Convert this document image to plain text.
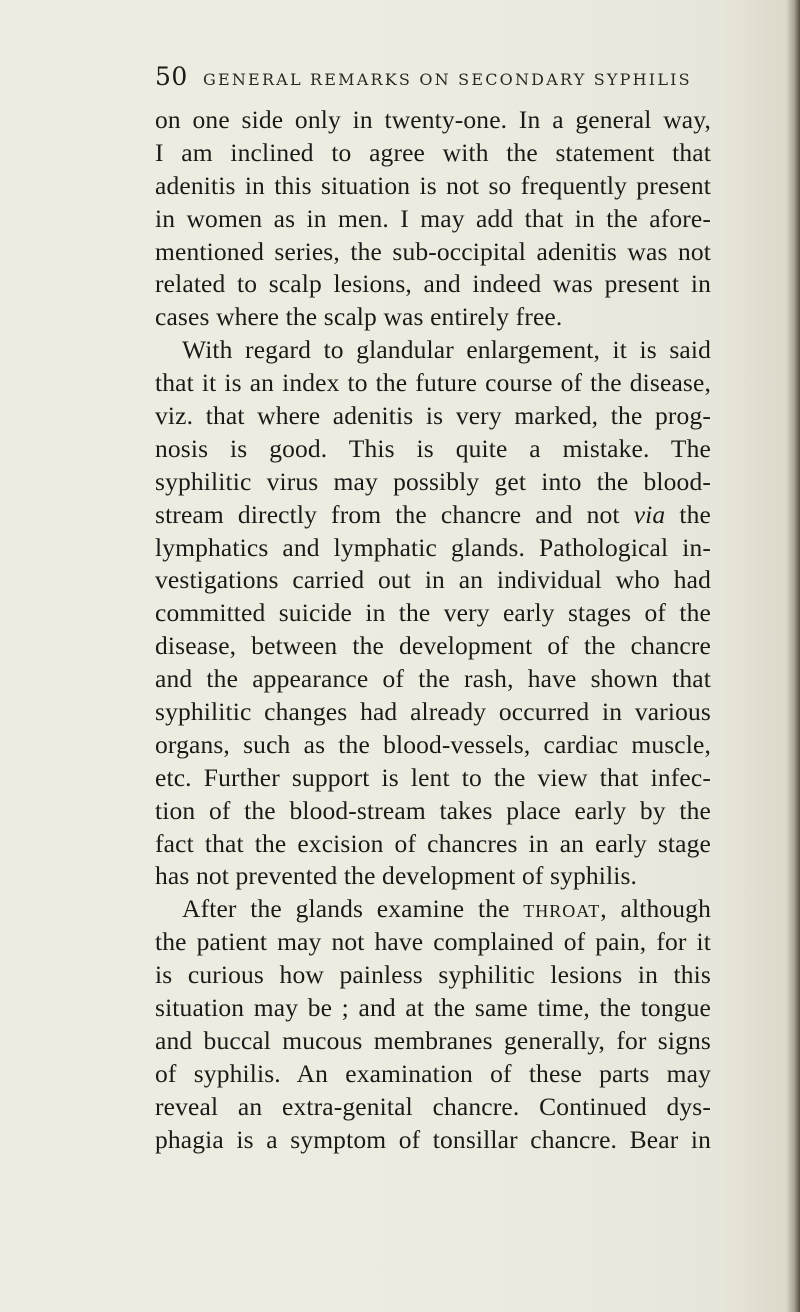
50 GENERAL REMARKS ON SECONDARY SYPHILIS
on one side only in twenty-one. In a general way,
I am inclined to agree with the statement that
adenitis in this situation is not so frequently present
in women as in men. I may add that in the afore-
mentioned series, the sub-occipital adenitis was not
related to scalp lesions, and indeed was present in
cases where the scalp was entirely free.
With regard to glandular enlargement, it is said
that it is an index to the future course of the disease,
viz. that where adenitis is very marked, the prog-
nosis is good. This is quite a mistake. The
syphilitic virus may possibly get into the blood-
stream directly from the chancre and not via the
lymphatics and lymphatic glands. Pathological in-
vestigations carried out in an individual who had
committed suicide in the very early stages of the
disease, between the development of the chancre
and the appearance of the rash, have shown that
syphilitic changes had already occurred in various
organs, such as the blood-vessels, cardiac muscle,
etc. Further support is lent to the view that infec-
tion of the blood-stream takes place early by the
fact that the excision of chancres in an early stage
has not prevented the development of syphilis.
After the glands examine the throat, although
the patient may not have complained of pain, for it
is curious how painless syphilitic lesions in this
situation may be ; and at the same time, the tongue
and buccal mucous membranes generally, for signs
of syphilis. An examination of these parts may
reveal an extra-genital chancre. Continued dys-
phagia is a symptom of tonsillar chancre. Bear in
